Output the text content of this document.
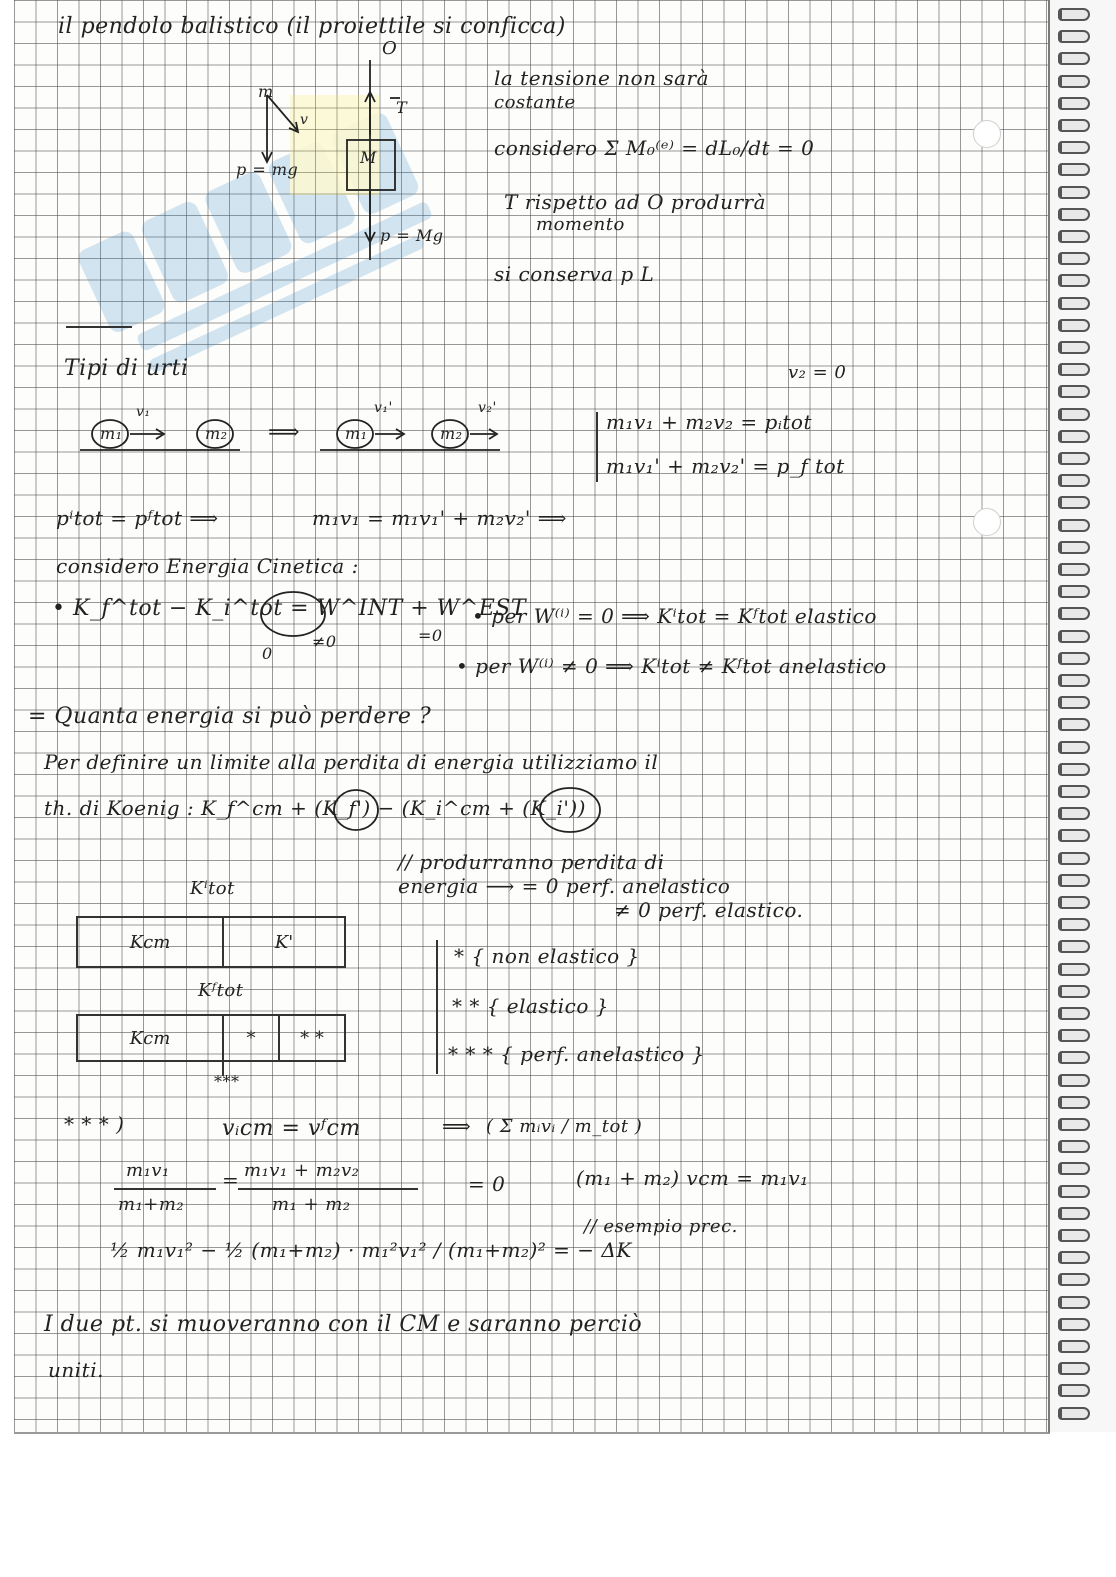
il pendolo balistico (il proiettile si conficca)
O
m
v
T
M
p = mg
p = Mg
la tensione non sarà
costante
considero Σ M₀⁽ᵉ⁾ = dL₀/dt = 0
T rispetto ad O produrrà
momento
si conserva p L
Tipi di urti	v₂ = 0
m₁
v₁
m₂ ⟹	m₁
v₁'
m₂
v₂'
m₁v₁ + m₂v₂ = pᵢtot
m₁v₁' + m₂v₂' = p_f tot
pⁱtot = pᶠtot ⟹	m₁v₁ = m₁v₁' + m₂v₂' ⟹
considero Energia Cinetica :
• K_f^tot − K_i^tot = W^INT + W^EST
0
≠0	=0
• per W⁽ⁱ⁾ = 0 ⟹ Kⁱtot = Kᶠtot elastico
• per W⁽ⁱ⁾ ≠ 0 ⟹ Kⁱtot ≠ Kᶠtot anelastico
= Quanta energia si può perdere ?
Per definire un limite alla perdita di energia utilizziamo il
th. di Koenig : K_f^cm + (K_f') − (K_i^cm + (K_i'))
// produrranno perdita di
energia ⟶ = 0 perf. anelastico
≠ 0 perf. elastico.
Kⁱtot
Kcm	K'
Kᶠtot
Kcm	*	* *
***
* { non elastico }
* * { elastico }
* * * { perf. anelastico }
* * * )	vᵢcm = vᶠcm	⟹ ( Σ mᵢvᵢ / m_tot )
m₁v₁
m₁+m₂
= m₁v₁ + m₂v₂
m₁ + m₂
= 0	(m₁ + m₂) vcm = m₁v₁
// esempio prec.
½ m₁v₁² − ½ (m₁+m₂) · m₁²v₁² / (m₁+m₂)² = − ΔK
I due pt. si muoveranno con il CM e saranno perciò
uniti.
